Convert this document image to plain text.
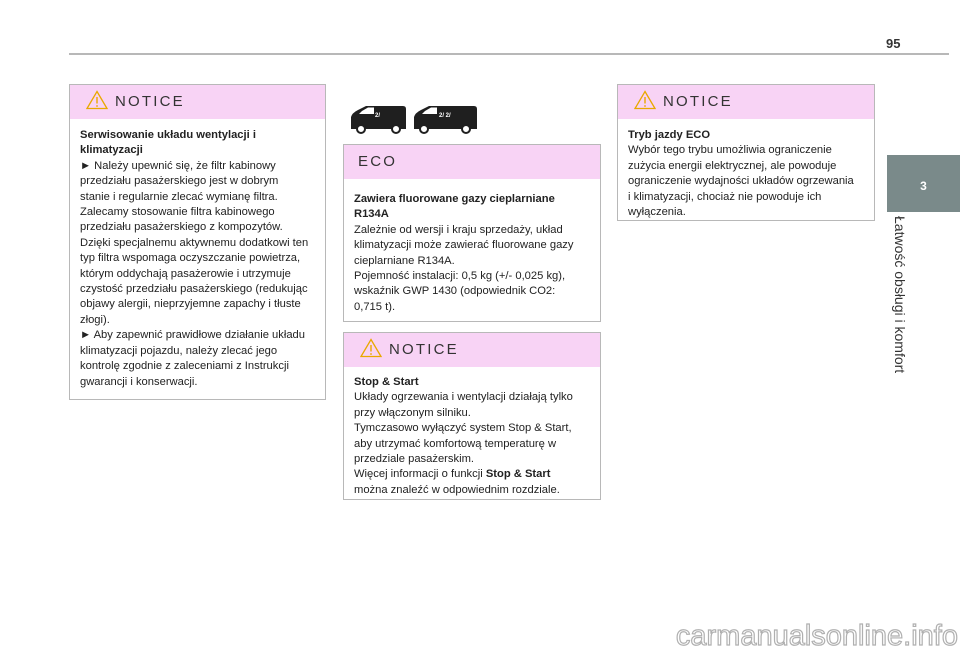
95
3
Łatwość obsługi i komfort
NOTICE
Serwisowanie układu wentylacji i
klimatyzacji
► Należy upewnić się, że filtr kabinowy
przedziału pasażerskiego jest w dobrym
stanie i regularnie zlecać wymianę filtra.
Zalecamy stosowanie filtra kabinowego
przedziału pasażerskiego z kompozytów.
Dzięki specjalnemu aktywnemu dodatkowi ten
typ filtra wspomaga oczyszczanie powietrza,
którym oddychają pasażerowie i utrzymuje
czystość przedziału pasażerskiego (redukując
objawy alergii, nieprzyjemne zapachy i tłuste
złogi).
► Aby zapewnić prawidłowe działanie układu
klimatyzacji pojazdu, należy zlecać jego
kontrolę zgodnie z zaleceniami z Instrukcji
gwarancji i konserwacji.
2/	2/ 2/
ECO
Zawiera fluorowane gazy cieplarniane
R134A
Zależnie od wersji i kraju sprzedaży, układ
klimatyzacji może zawierać fluorowane gazy
cieplarniane R134A.
Pojemność instalacji: 0,5 kg (+/- 0,025 kg),
wskaźnik GWP 1430 (odpowiednik CO2:
0,715 t).
NOTICE
Stop & Start
Układy ogrzewania i wentylacji działają tylko
przy włączonym silniku.
Tymczasowo wyłączyć system Stop & Start,
aby utrzymać komfortową temperaturę w
przedziale pasażerskim.
Więcej informacji o funkcji Stop & Start
można znaleźć w odpowiednim rozdziale.
NOTICE
Tryb jazdy ECO
Wybór tego trybu umożliwia ograniczenie
zużycia energii elektrycznej, ale powoduje
ograniczenie wydajności układów ogrzewania
i klimatyzacji, chociaż nie powoduje ich
wyłączenia.
carmanualsonline.info
